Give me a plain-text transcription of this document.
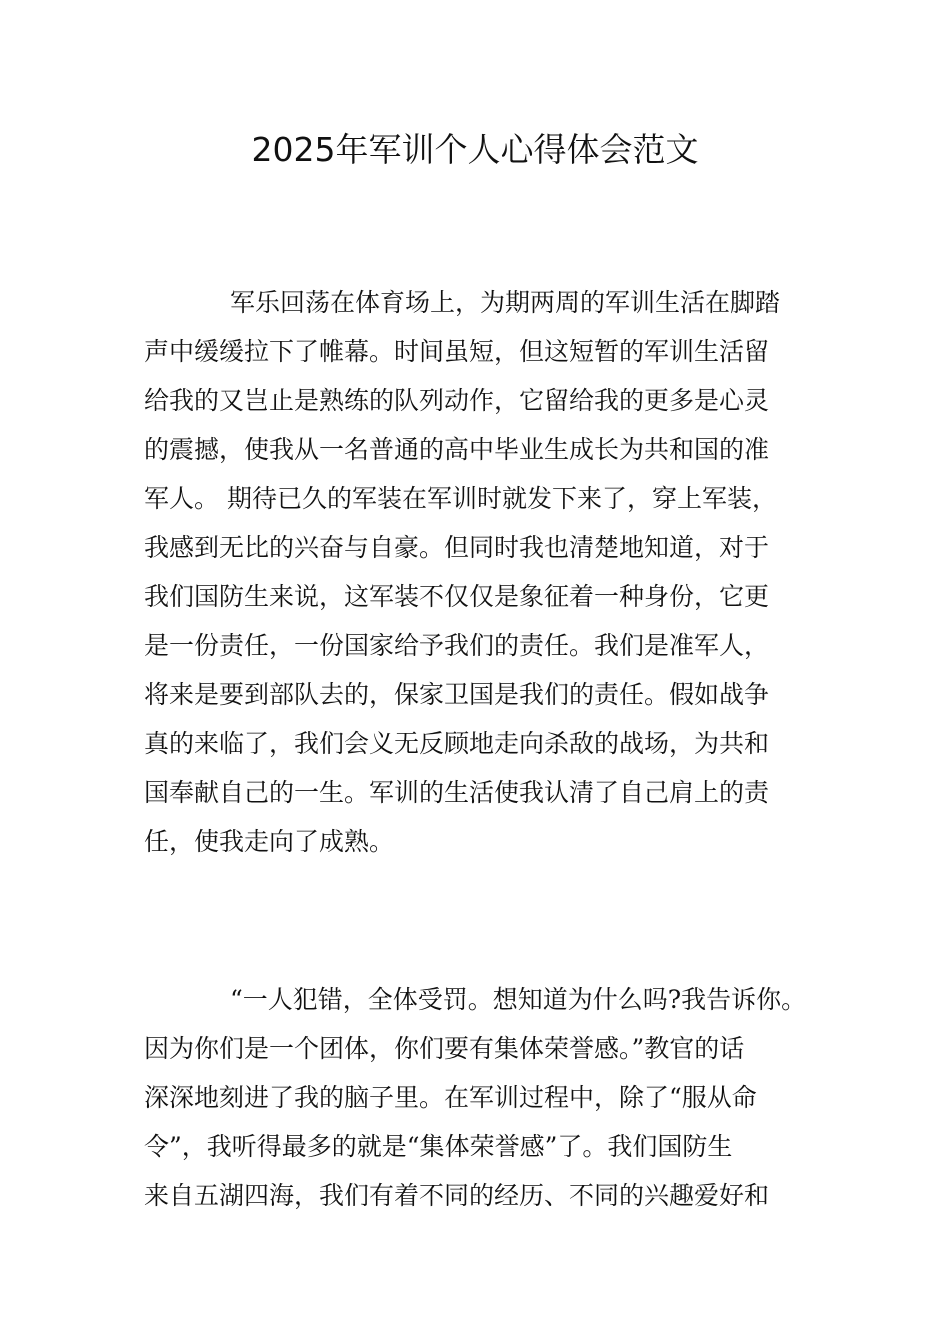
2025年军训个人心得体会范文
军乐回荡在体育场上，为期两周的军训生活在脚踏
声中缓缓拉下了帷幕。时间虽短，但这短暂的军训生活留
给我的又岂止是熟练的队列动作，它留给我的更多是心灵
的震撼，使我从一名普通的高中毕业生成长为共和国的准
军人。 期待已久的军装在军训时就发下来了，穿上军装，
我感到无比的兴奋与自豪。但同时我也清楚地知道，对于
我们国防生来说，这军装不仅仅是象征着一种身份，它更
是一份责任，一份国家给予我们的责任。我们是准军人，
将来是要到部队去的，保家卫国是我们的责任。假如战争
真的来临了，我们会义无反顾地走向杀敌的战场，为共和
国奉献自己的一生。军训的生活使我认清了自己肩上的责
任，使我走向了成熟。
“一人犯错，全体受罚。想知道为什么吗?我告诉你。
因为你们是一个团体，你们要有集体荣誉感。”教官的话
深深地刻进了我的脑子里。在军训过程中，除了“服从命
令”，我听得最多的就是“集体荣誉感”了。我们国防生
来自五湖四海，我们有着不同的经历、不同的兴趣爱好和
